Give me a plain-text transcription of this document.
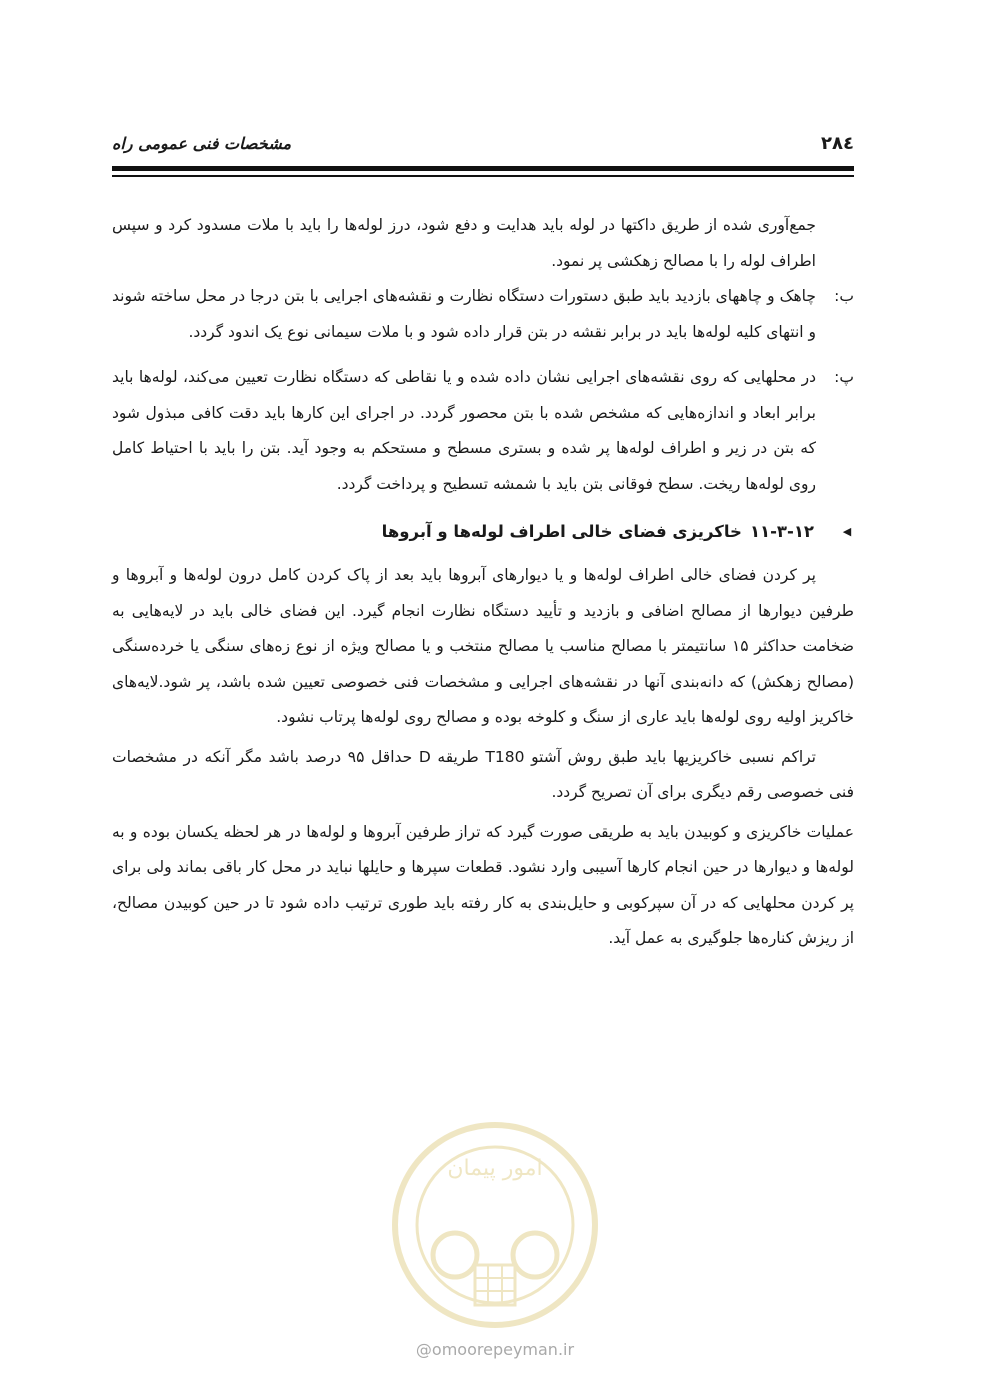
۲۸٤
مشخصات فنی عمومی راه

جمع‌آوری شده از طریق داکتها در لوله باید هدایت و دفع شود، درز لوله‌ها را باید با ملات مسدود کرد و سپس اطراف لوله را با مصالح زهکشی پر نمود.

ب:

چاهک و چاههای بازدید باید طبق دستورات دستگاه نظارت و نقشه‌های اجرایی با بتن درجا در محل ساخته شوند و انتهای کلیه لوله‌ها باید در برابر نقشه در بتن قرار داده شود و با ملات سیمانی نوع یک اندود گردد.

پ:

در محلهایی که روی نقشه‌های اجرایی نشان داده شده و یا نقاطی که دستگاه نظارت تعیین می‌کند، لوله‌ها باید برابر ابعاد و اندازه‌هایی که مشخص شده با بتن محصور گردد. در اجرای این کارها باید دقت کافی مبذول شود که بتن در زیر و اطراف لوله‌ها پر شده و بستری مسطح و مستحکم به وجود آید. بتن را باید با احتیاط کامل روی لوله‌ها ریخت. سطح فوقانی بتن باید با شمشه تسطیح و پرداخت گردد.

◀
۱۱-۳-۱۲
خاکریزی فضای خالی اطراف لوله‌ها و آبروها

پر کردن فضای خالی اطراف لوله‌ها و یا دیوارهای آبروها باید بعد از پاک کردن کامل درون لوله‌ها و آبروها و طرفین دیوارها از مصالح اضافی و بازدید و تأیید دستگاه نظارت انجام گیرد. این فضای خالی باید در لایه‌هایی به ضخامت حداکثر ۱۵ سانتیمتر با مصالح مناسب یا مصالح منتخب و یا مصالح ویژه از نوع زه‌های سنگی یا خرده‌سنگی (مصالح زهکش) که دانه‌بندی آنها در نقشه‌های اجرایی و مشخصات فنی خصوصی تعیین شده باشد، پر شود.لایه‌های خاکریز اولیه روی لوله‌ها باید عاری از سنگ و کلوخه بوده و مصالح روی لوله‌ها پرتاب نشود.

تراکم نسبی خاکریزیها باید طبق روش آشتو T180 طریقه D حداقل ۹۵ درصد باشد مگر آنکه در مشخصات فنی خصوصی رقم دیگری برای آن تصریح گردد.

عملیات خاکریزی و کوبیدن باید به طریقی صورت گیرد که تراز طرفین آبروها و لوله‌ها در هر لحظه یکسان بوده و به لوله‌ها و دیوارها در حین انجام کارها آسیبی وارد نشود. قطعات سپرها و حایلها نباید در محل کار باقی بماند ولی برای پر کردن محلهایی که در آن سپرکوبی و حایل‌بندی به کار رفته باید طوری ترتیب داده شود تا در حین کوبیدن مصالح، از ریزش کناره‌ها جلوگیری به عمل آید.

امور پیمان
@omoorepeyman.ir
